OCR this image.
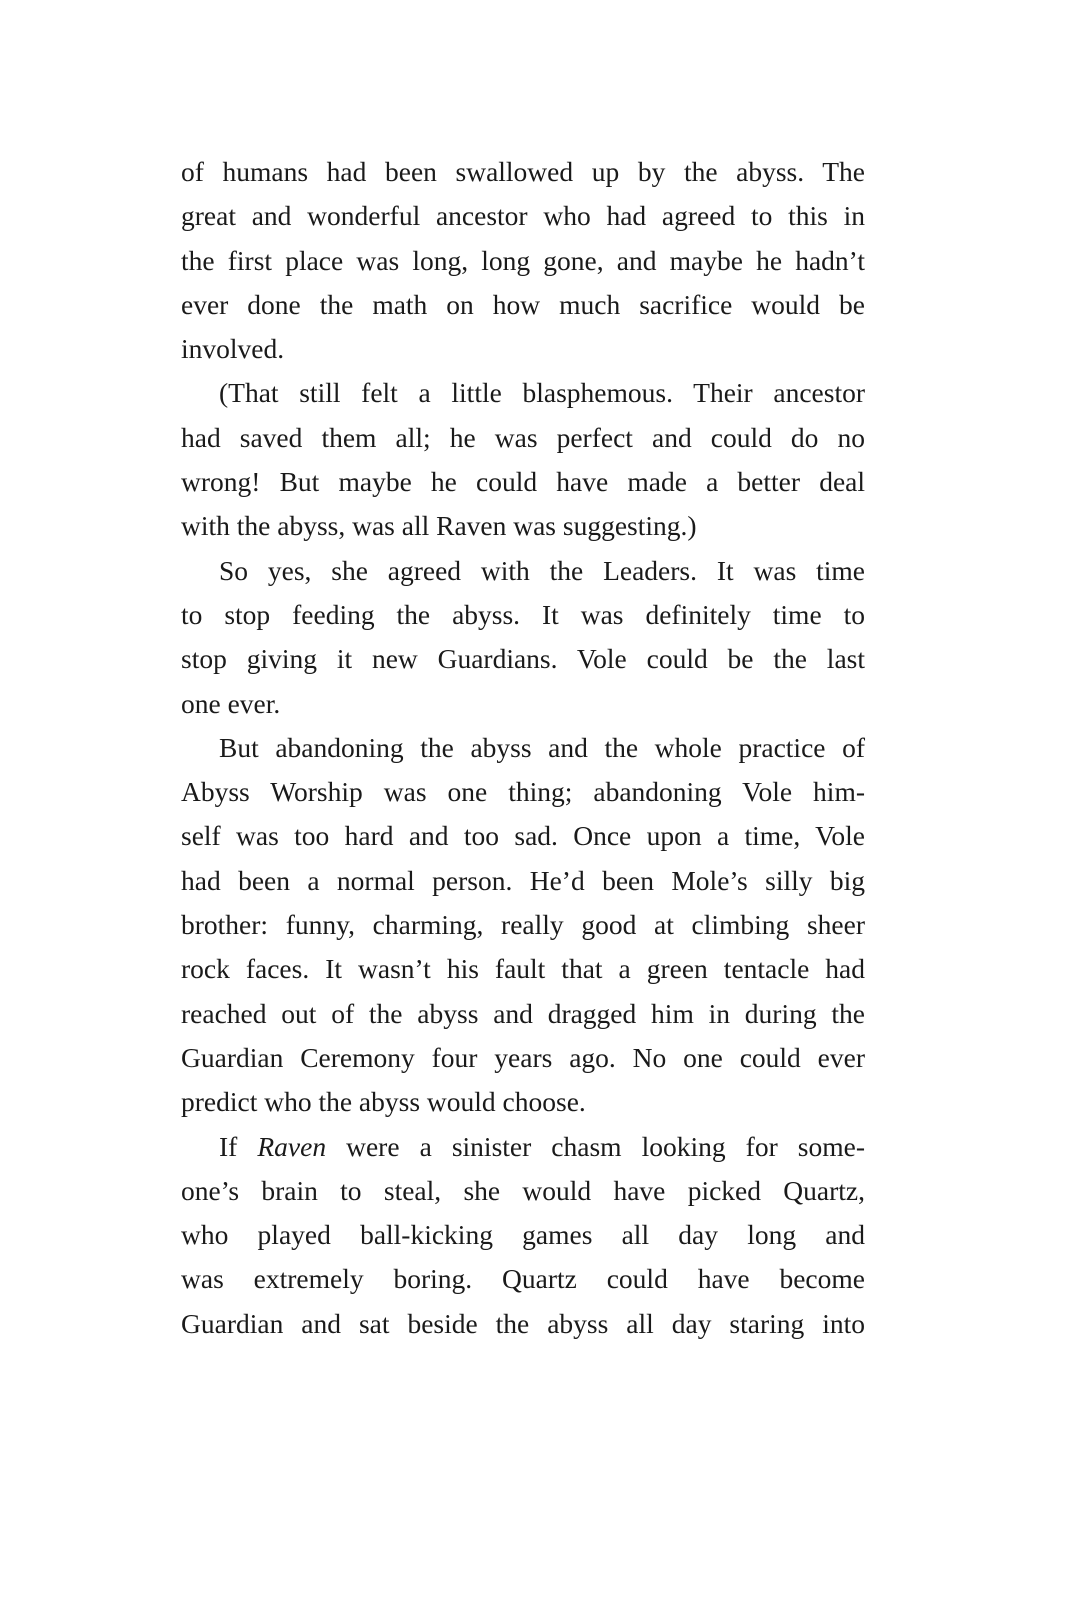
of humans had been swallowed up by the abyss. The
great and wonderful ancestor who had agreed to this in
the first place was long, long gone, and maybe he hadn’t
ever done the math on how much sacrifice would be
involved.
(That still felt a little blasphemous. Their ancestor
had saved them all; he was perfect and could do no
wrong! But maybe he could have made a better deal
with the abyss, was all Raven was suggesting.)
So yes, she agreed with the Leaders. It was time
to stop feeding the abyss. It was definitely time to
stop giving it new Guardians. Vole could be the last
one ever.
But abandoning the abyss and the whole practice of
Abyss Worship was one thing; abandoning Vole him-
self was too hard and too sad. Once upon a time, Vole
had been a normal person. He’d been Mole’s silly big
brother: funny, charming, really good at climbing sheer
rock faces. It wasn’t his fault that a green tentacle had
reached out of the abyss and dragged him in during the
Guardian Ceremony four years ago. No one could ever
predict who the abyss would choose.
If Raven were a sinister chasm looking for some-
one’s brain to steal, she would have picked Quartz,
who played ball-kicking games all day long and
was extremely boring. Quartz could have become
Guardian and sat beside the abyss all day staring into
